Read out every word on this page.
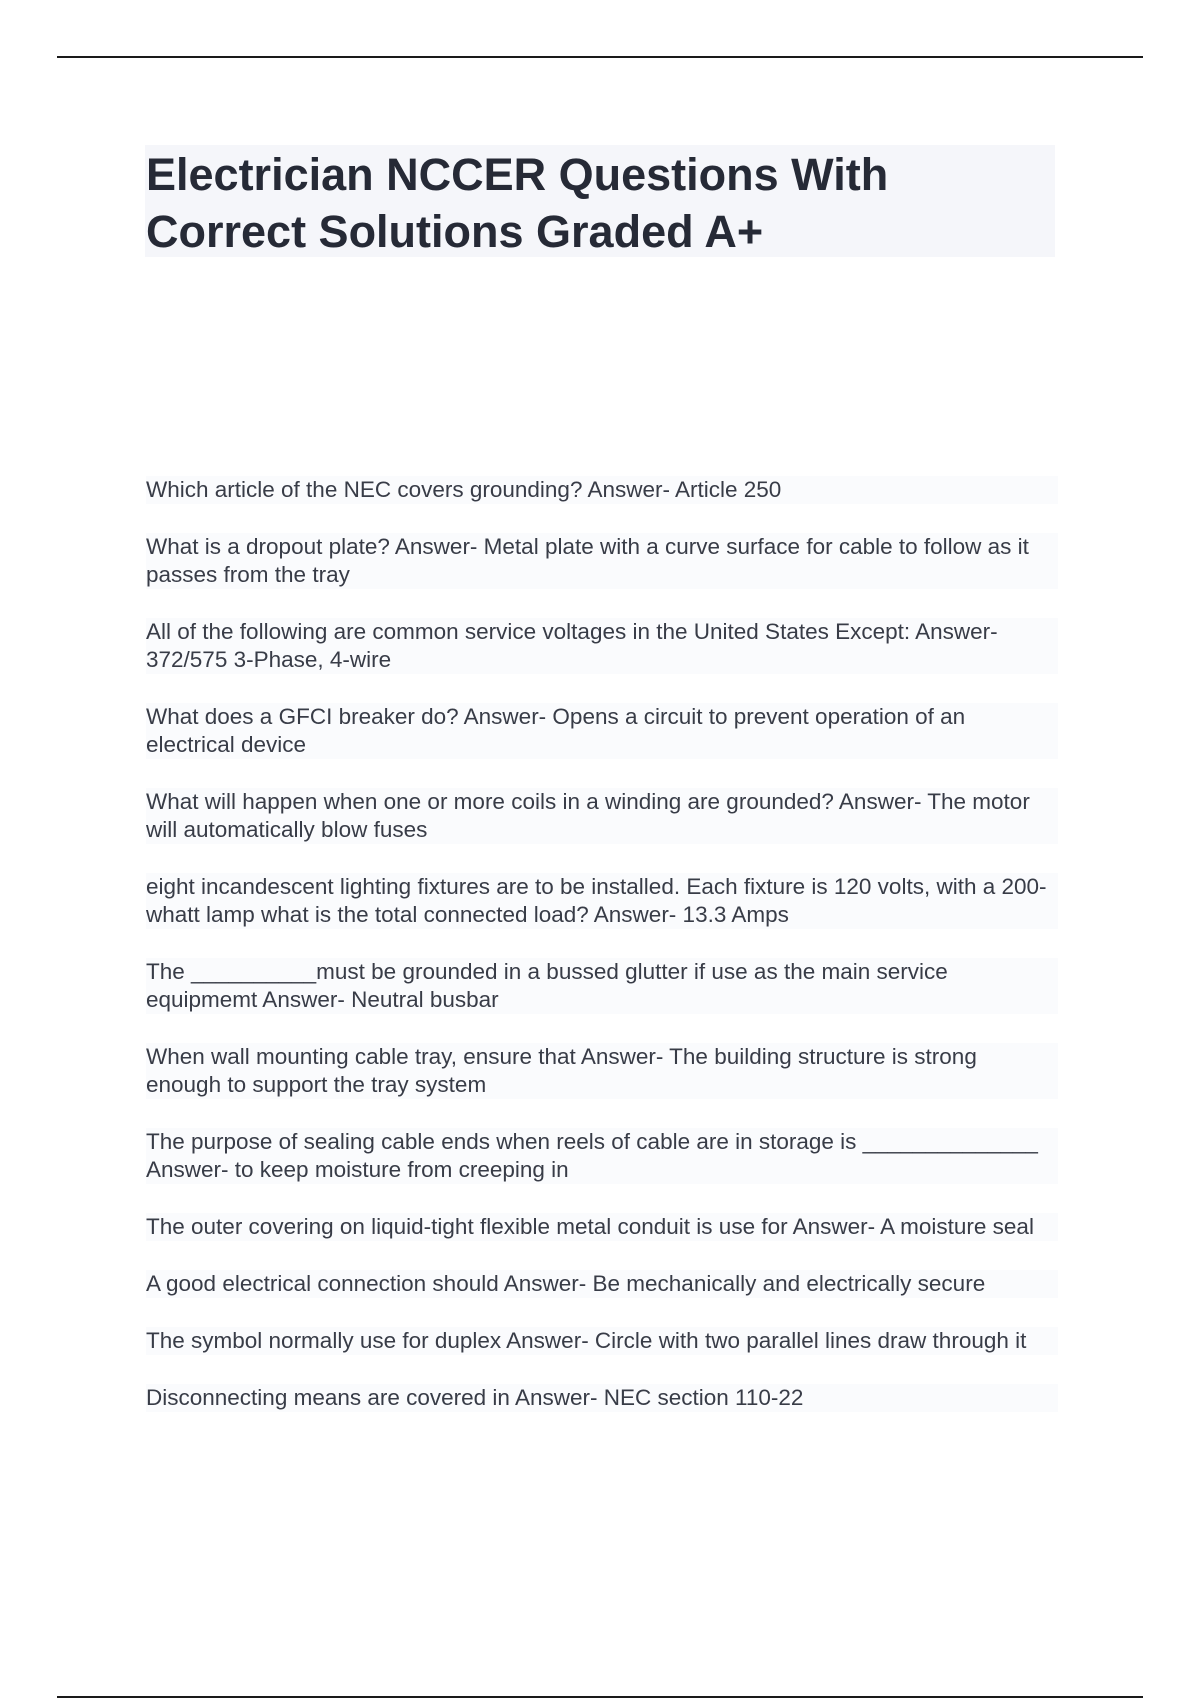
Electrician NCCER Questions With Correct Solutions Graded A+
Which article of the NEC covers grounding? Answer- Article 250
What is a dropout plate? Answer- Metal plate with a curve surface for cable to follow as it passes from the tray
All of the following are common service voltages in the United States Except: Answer- 372/575 3-Phase, 4-wire
What does a GFCI breaker do? Answer- Opens a circuit to prevent operation of an electrical device
What will happen when one or more coils in a winding are grounded? Answer- The motor will automatically blow fuses
eight incandescent lighting fixtures are to be installed. Each fixture is 120 volts, with a 200-whatt lamp what is the total connected load? Answer- 13.3 Amps
The __________must be grounded in a bussed glutter if use as the main service equipmemt Answer- Neutral busbar
When wall mounting cable tray, ensure that Answer- The building structure is strong enough to support the tray system
The purpose of sealing cable ends when reels of cable are in storage is ______________ Answer- to keep moisture from creeping in
The outer covering on liquid-tight flexible metal conduit is use for Answer- A moisture seal
A good electrical connection should Answer- Be mechanically and electrically secure
The symbol normally use for duplex Answer- Circle with two parallel lines draw through it
Disconnecting means are covered in Answer- NEC section 110-22
